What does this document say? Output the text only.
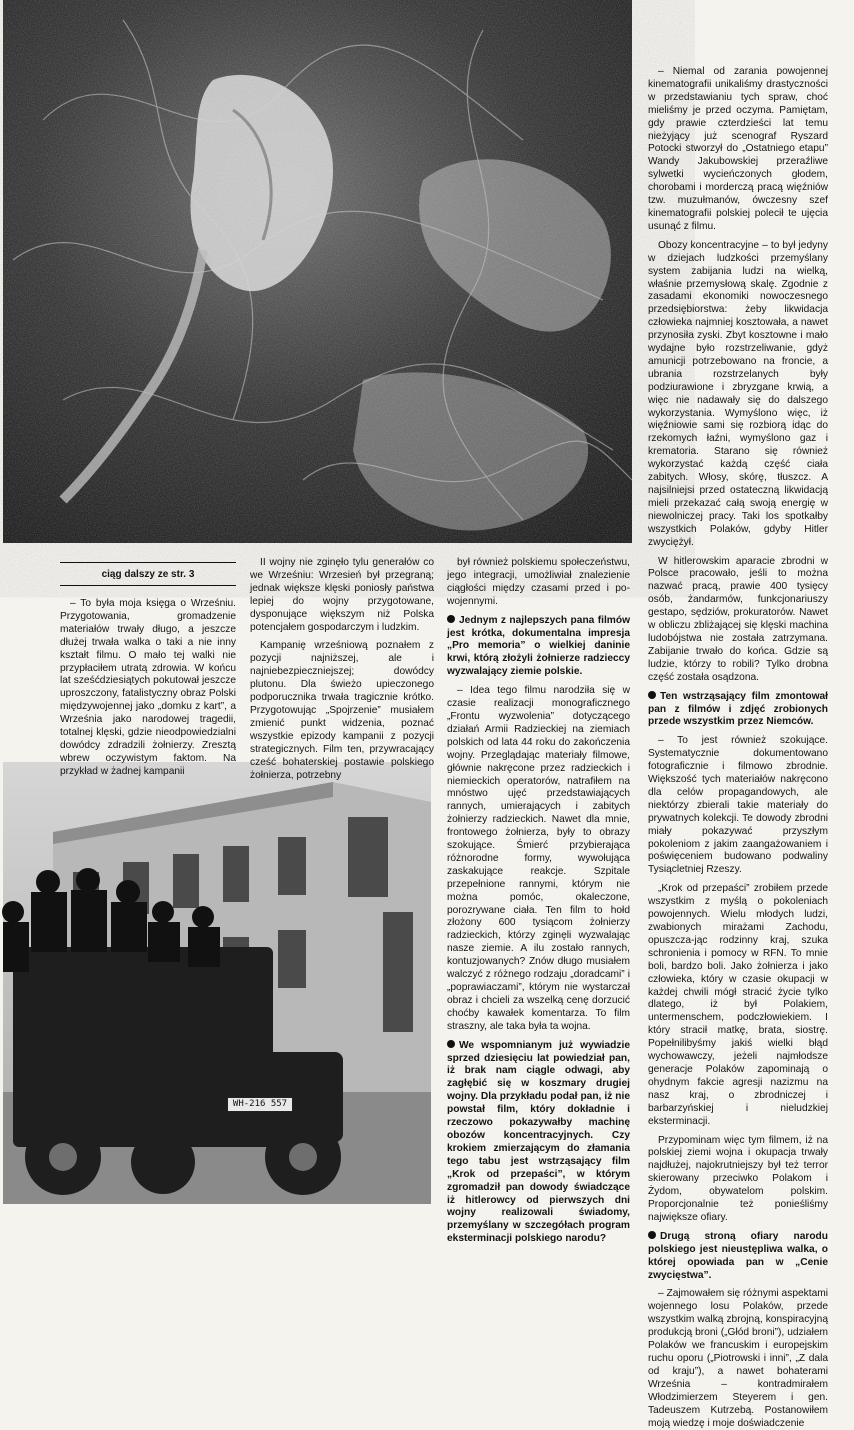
WH-216 557
ciąg dalszy ze str. 3

– To była moja księga o Wrześniu. Przygotowania, gromadzenie materiałów trwały długo, a jeszcze dłużej trwała walka o taki a nie inny kształt filmu. O mało tej walki nie przypłaciłem utratą zdrowia. W końcu lat sześćdziesiątych pokutował jeszcze uproszczony, fatalistyczny obraz Polski międzywojennej jako „domku z kart”, a Września jako narodowej tragedii, totalnej klęski, gdzie nieodpowiedzialni dowódcy zdradzili żołnierzy. Zresztą wbrew oczywistym faktom. Na przykład w żadnej kampanii

II wojny nie zginęło tylu generałów co we Wrześniu: Wrzesień był przegraną; jednak większe klęski poniosły państwa lepiej do wojny przygotowane, dysponujące większym niż Polska potencjałem gospodarczym i ludzkim.

Kampanię wrześniową poznałem z pozycji najniższej, ale i najniebezpieczniejszej; dowódcy plutonu. Dla świeżo upieczonego podporucznika trwała tragicznie krótko. Przygotowując „Spojrzenie” musiałem zmienić punkt widzenia, poznać wszystkie epizody kampanii z pozycji strategicznych. Film ten, przywracający cześć bohaterskiej postawie polskiego żołnierza, potrzebny

był również polskiemu społeczeństwu, jego integracji, umożliwiał znalezienie ciągłości między czasami przed i po-wojennymi.

Jednym z najlepszych pana filmów jest krótka, dokumentalna impresja „Pro memoria” o wielkiej daninie krwi, którą złożyli żołnierze radzieccy wyzwalający ziemie polskie.

– Idea tego filmu narodziła się w czasie realizacji monograficznego „Frontu wyzwolenia” dotyczącego działań Armii Radzieckiej na ziemiach polskich od lata 44 roku do zakończenia wojny. Przeglądając materiały filmowe, głównie nakręcone przez radzieckich i niemieckich operatorów, natrafiłem na mnóstwo ujęć przedstawiających rannych, umierających i zabitych żołnierzy radzieckich. Nawet dla mnie, frontowego żołnierza, były to obrazy szokujące. Śmierć przybierająca różnorodne formy, wywołująca zaskakujące reakcje. Szpitale przepełnione rannymi, którym nie można pomóc, okaleczone, porozrywane ciała. Ten film to hołd złożony 600 tysiącom żołnierzy radzieckich, którzy zginęli wyzwalając nasze ziemie. A ilu zostało rannych, kontuzjowanych? Znów długo musiałem walczyć z różnego rodzaju „doradcami” i „poprawiaczami”, którym nie wystarczał obraz i chcieli za wszelką cenę dorzucić choćby kawałek komentarza. To film straszny, ale taka była ta wojna.

We wspomnianym już wywiadzie sprzed dziesięciu lat powiedział pan, iż brak nam ciągle odwagi, aby zagłębić się w koszmary drugiej wojny. Dla przykładu podał pan, iż nie powstał film, który dokładnie i rzeczowo pokazywałby machinę obozów koncentracyjnych. Czy krokiem zmierzającym do złamania tego tabu jest wstrząsający film „Krok od przepaści”, w którym zgromadził pan dowody świadczące iż hitlerowcy od pierwszych dni wojny realizowali świadomy, przemyślany w szczegółach program eksterminacji polskiego narodu?

– Niemal od zarania powojennej kinematografii unikaliśmy drastyczności w przedstawianiu tych spraw, choć mieliśmy je przed oczyma. Pamiętam, gdy prawie czterdzieści lat temu nieżyjący już scenograf Ryszard Potocki stworzył do „Ostatniego etapu” Wandy Jakubowskiej przeraźliwe sylwetki wycieńczonych głodem, chorobami i morderczą pracą więźniów tzw. muzułmanów, ówczesny szef kinematografii polskiej polecił te ujęcia usunąć z filmu.

Obozy koncentracyjne – to był jedyny w dziejach ludzkości przemyślany system zabijania ludzi na wielką, właśnie przemysłową skalę. Zgodnie z zasadami ekonomiki nowoczesnego przedsiębiorstwa: żeby likwidacja człowieka najmniej kosztowała, a nawet przynosiła zyski. Zbyt kosztowne i mało wydajne było rozstrzeliwanie, gdyż amunicji potrzebowano na froncie, a ubrania rozstrzelanych były podziurawione i zbryzgane krwią, a więc nie nadawały się do dalszego wykorzystania. Wymyślono więc, iż więźniowie sami się rozbiorą idąc do rzekomych łaźni, wymyślono gaz i krematoria. Starano się również wykorzystać każdą część ciała zabitych. Włosy, skórę, tłuszcz. A najsilniejsi przed ostateczną likwidacją mieli przekazać całą swoją energię w niewolniczej pracy. Taki los spotkałby wszystkich Polaków, gdyby Hitler zwyciężył.

W hitlerowskim aparacie zbrodni w Polsce pracowało, jeśli to można nazwać pracą, prawie 400 tysięcy osób, żandarmów, funkcjonariuszy gestapo, sędziów, prokuratorów. Nawet w obliczu zbliżającej się klęski machina ludobójstwa nie została zatrzymana. Zabijanie trwało do końca. Gdzie są ludzie, którzy to robili? Tylko drobna część została osądzona.

Ten wstrząsający film zmontował pan z filmów i zdjęć zrobionych przede wszystkim przez Niemców.

– To jest również szokujące. Systematycznie dokumentowano fotograficznie i filmowo zbrodnie. Większość tych materiałów nakręcono dla celów propagandowych, ale niektórzy zbierali takie materiały do prywatnych kolekcji. Te dowody zbrodni miały pokazywać przyszłym pokoleniom z jakim zaangażowaniem i poświęceniem budowano podwaliny Tysiącletniej Rzeszy.

„Krok od przepaści” zrobiłem przede wszystkim z myślą o pokoleniach powojennych. Wielu młodych ludzi, zwabionych mirażami Zachodu, opuszcza-jąc rodzinny kraj, szuka schronienia i pomocy w RFN. To mnie boli, bardzo boli. Jako żołnierza i jako człowieka, który w czasie okupacji w każdej chwili mógł stracić życie tylko dlatego, iż był Polakiem, untermenschem, podczłowiekiem. I który stracił matkę, brata, siostrę. Popełnilibyśmy jakiś wielki błąd wychowawczy, jeżeli najmłodsze generacje Polaków zapominają o ohydnym fakcie agresji nazizmu na nasz kraj, o zbrodniczej i barbarzyńskiej i nieludzkiej eksterminacji.

Przypominam więc tym filmem, iż na polskiej ziemi wojna i okupacja trwały najdłużej, najokrutniejszy był też terror skierowany przeciwko Polakom i Żydom, obywatelom polskim. Proporcjonalnie też ponieśliśmy największe ofiary.

Drugą stroną ofiary narodu polskiego jest nieustępliwa walka, o której opowiada pan w „Cenie zwycięstwa”.

– Zajmowałem się różnymi aspektami wojennego losu Polaków, przede wszystkim walką zbrojną, konspiracyjną produkcją broni („Głód broni”), udziałem Polaków we francuskim i europejskim ruchu oporu („Piotrowski i inni”, „Z dala od kraju”), a nawet bohaterami Września – kontradmirałem Włodzimierzem Steyerem i gen. Tadeuszem Kutrzebą. Postanowiłem moją wiedzę i moje doświadczenie
